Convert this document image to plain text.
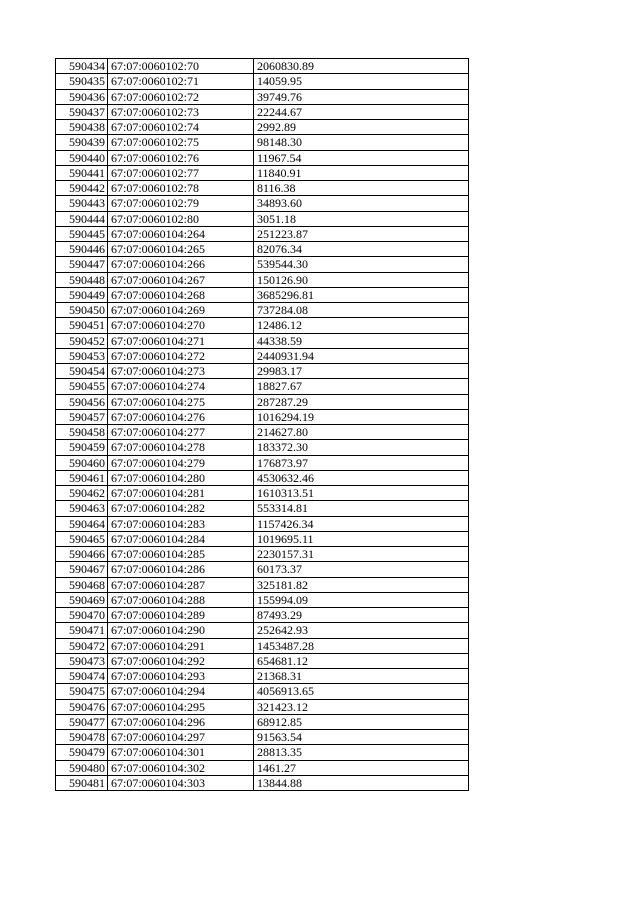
590434	67:07:0060102:70	2060830.89
590435	67:07:0060102:71	14059.95
590436	67:07:0060102:72	39749.76
590437	67:07:0060102:73	22244.67
590438	67:07:0060102:74	2992.89
590439	67:07:0060102:75	98148.30
590440	67:07:0060102:76	11967.54
590441	67:07:0060102:77	11840.91
590442	67:07:0060102:78	8116.38
590443	67:07:0060102:79	34893.60
590444	67:07:0060102:80	3051.18
590445	67:07:0060104:264	251223.87
590446	67:07:0060104:265	82076.34
590447	67:07:0060104:266	539544.30
590448	67:07:0060104:267	150126.90
590449	67:07:0060104:268	3685296.81
590450	67:07:0060104:269	737284.08
590451	67:07:0060104:270	12486.12
590452	67:07:0060104:271	44338.59
590453	67:07:0060104:272	2440931.94
590454	67:07:0060104:273	29983.17
590455	67:07:0060104:274	18827.67
590456	67:07:0060104:275	287287.29
590457	67:07:0060104:276	1016294.19
590458	67:07:0060104:277	214627.80
590459	67:07:0060104:278	183372.30
590460	67:07:0060104:279	176873.97
590461	67:07:0060104:280	4530632.46
590462	67:07:0060104:281	1610313.51
590463	67:07:0060104:282	553314.81
590464	67:07:0060104:283	1157426.34
590465	67:07:0060104:284	1019695.11
590466	67:07:0060104:285	2230157.31
590467	67:07:0060104:286	60173.37
590468	67:07:0060104:287	325181.82
590469	67:07:0060104:288	155994.09
590470	67:07:0060104:289	87493.29
590471	67:07:0060104:290	252642.93
590472	67:07:0060104:291	1453487.28
590473	67:07:0060104:292	654681.12
590474	67:07:0060104:293	21368.31
590475	67:07:0060104:294	4056913.65
590476	67:07:0060104:295	321423.12
590477	67:07:0060104:296	68912.85
590478	67:07:0060104:297	91563.54
590479	67:07:0060104:301	28813.35
590480	67:07:0060104:302	1461.27
590481	67:07:0060104:303	13844.88
